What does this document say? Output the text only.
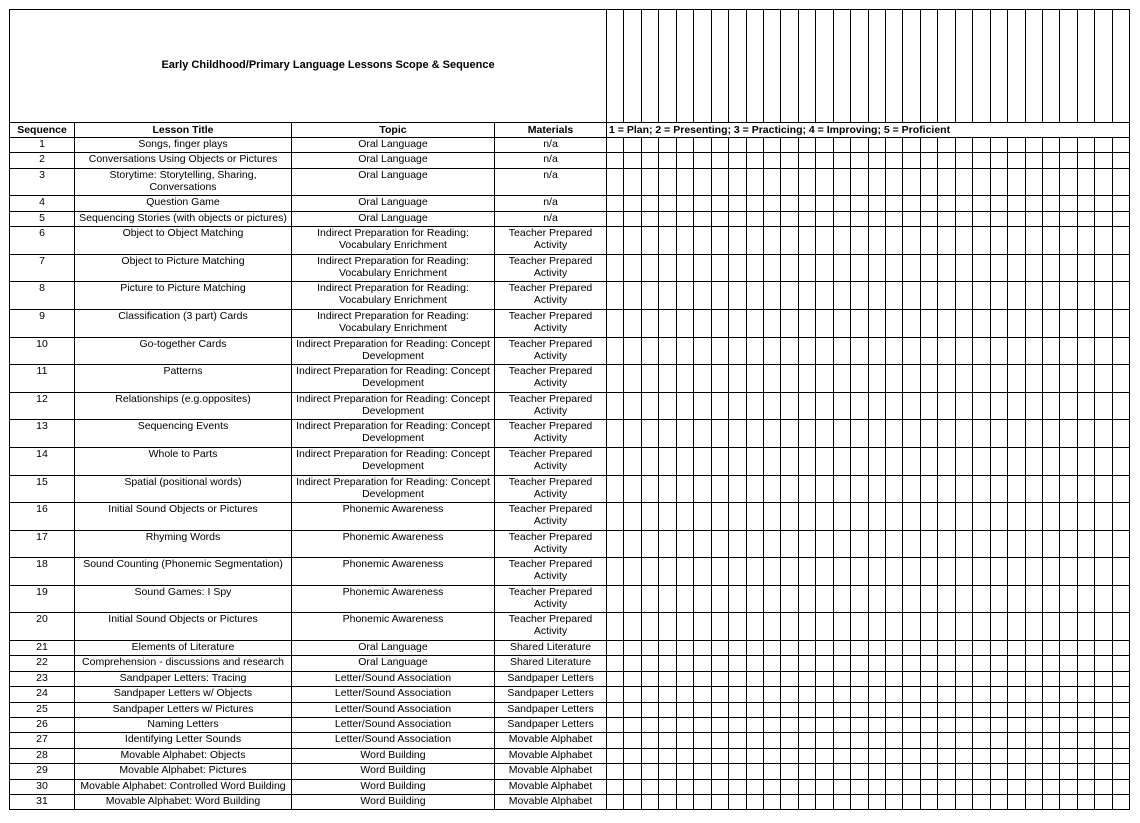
Early Childhood/Primary Language Lessons Scope & Sequence																																	

Sequence	Lesson Title	Topic	Materials	1 = Plan; 2 = Presenting; 3 = Practicing; 4 = Improving; 5 = Proficient																													
1	Songs, finger plays	Oral Language	n/a																														
2	Conversations Using Objects or Pictures	Oral Language	n/a																														
3	Storytime: Storytelling, Sharing, Conversations	Oral Language	n/a																														
4	Question Game	Oral Language	n/a																														
5	Sequencing Stories (with objects or pictures)	Oral Language	n/a																														
6	Object to Object Matching	Indirect Preparation for Reading: Vocabulary Enrichment	Teacher Prepared Activity																														
7	Object to Picture Matching	Indirect Preparation for Reading: Vocabulary Enrichment	Teacher Prepared Activity																														
8	Picture to Picture Matching	Indirect Preparation for Reading: Vocabulary Enrichment	Teacher Prepared Activity																														
9	Classification (3 part) Cards	Indirect Preparation for Reading: Vocabulary Enrichment	Teacher Prepared Activity																														
10	Go-together Cards	Indirect Preparation for Reading: Concept Development	Teacher Prepared Activity																														
11	Patterns	Indirect Preparation for Reading: Concept Development	Teacher Prepared Activity																														
12	Relationships (e.g.opposites)	Indirect Preparation for Reading: Concept Development	Teacher Prepared Activity																														
13	Sequencing Events	Indirect Preparation for Reading: Concept Development	Teacher Prepared Activity																														
14	Whole to Parts	Indirect Preparation for Reading: Concept Development	Teacher Prepared Activity																														
15	Spatial (positional words)	Indirect Preparation for Reading: Concept Development	Teacher Prepared Activity																														
16	Initial Sound Objects or Pictures	Phonemic Awareness	Teacher Prepared Activity																														
17	Rhyming Words	Phonemic Awareness	Teacher Prepared Activity																														
18	Sound Counting (Phonemic Segmentation)	Phonemic Awareness	Teacher Prepared Activity																														
19	Sound Games: I Spy	Phonemic Awareness	Teacher Prepared Activity																														
20	Initial Sound Objects or Pictures	Phonemic Awareness	Teacher Prepared Activity																														
21	Elements of Literature	Oral Language	Shared Literature																														
22	Comprehension - discussions and research	Oral Language	Shared Literature																														
23	Sandpaper Letters: Tracing	Letter/Sound Association	Sandpaper Letters																														
24	Sandpaper Letters w/ Objects	Letter/Sound Association	Sandpaper Letters																														
25	Sandpaper Letters w/ Pictures	Letter/Sound Association	Sandpaper Letters																														
26	Naming Letters	Letter/Sound Association	Sandpaper Letters																														
27	Identifying Letter Sounds	Letter/Sound Association	Movable Alphabet																														
28	Movable Alphabet: Objects	Word Building	Movable Alphabet																														
29	Movable Alphabet: Pictures	Word Building	Movable Alphabet																														
30	Movable Alphabet: Controlled Word Building	Word Building	Movable Alphabet																														
31	Movable Alphabet: Word Building	Word Building	Movable Alphabet																														
